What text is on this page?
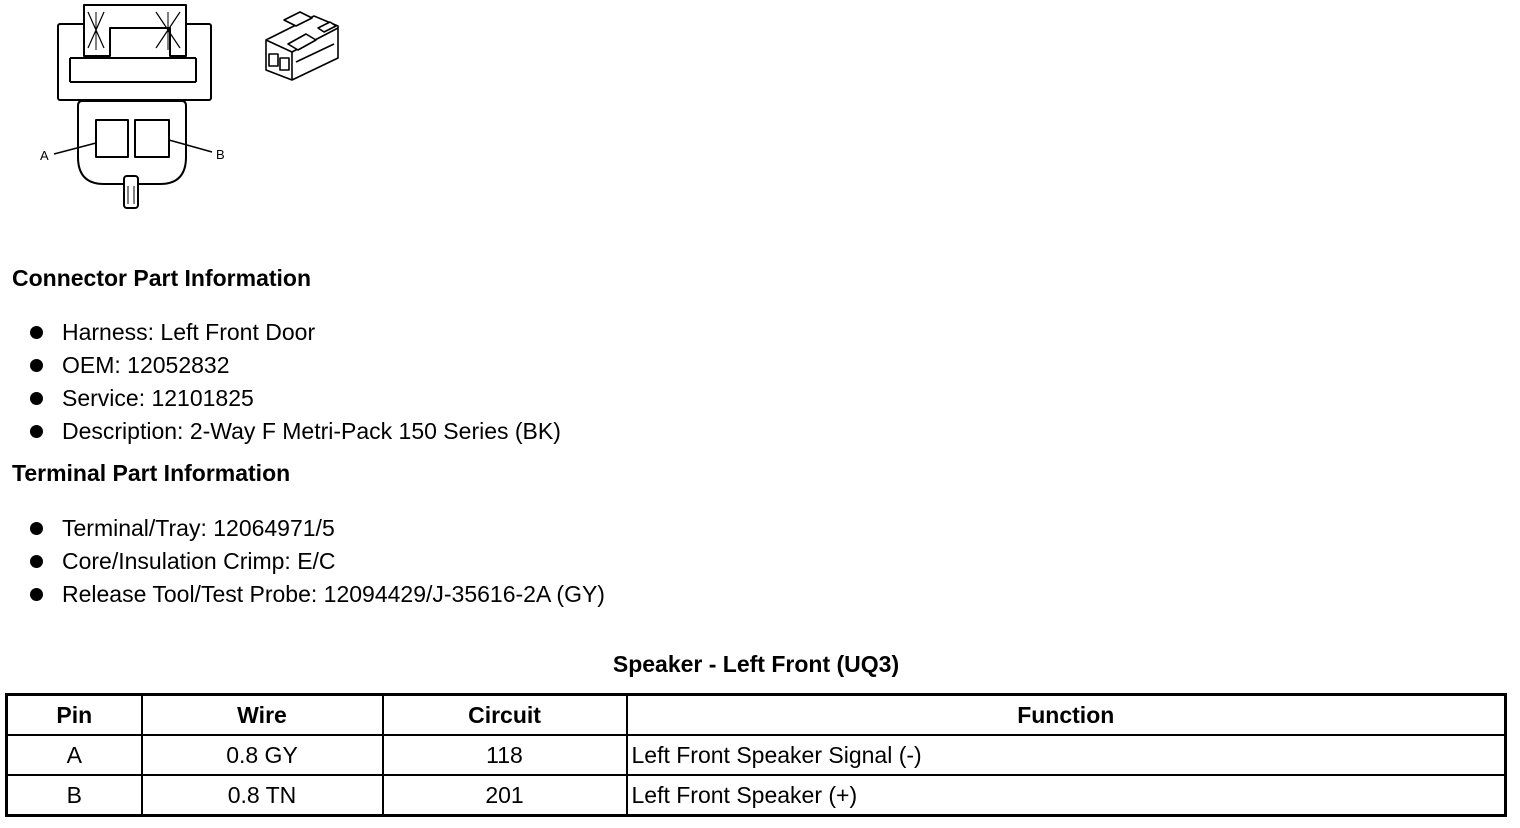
A	B
Connector Part Information
Harness: Left Front Door
OEM: 12052832
Service: 12101825
Description: 2-Way F Metri-Pack 150 Series (BK)
Terminal Part Information
Terminal/Tray: 12064971/5
Core/Insulation Crimp: E/C
Release Tool/Test Probe: 12094429/J-35616-2A (GY)
Speaker - Left Front (UQ3)
Pin	Wire	Circuit	Function
A	0.8 GY	118	Left Front Speaker Signal (-)
B	0.8 TN	201	Left Front Speaker (+)
